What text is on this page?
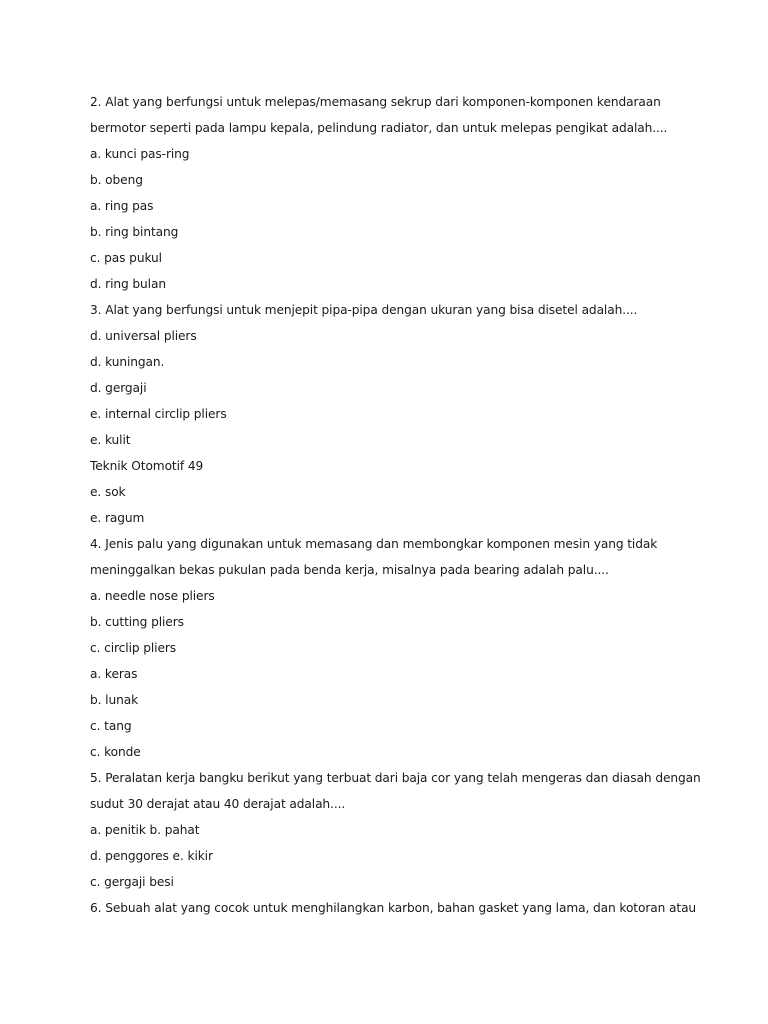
2. Alat yang berfungsi untuk melepas/memasang sekrup dari komponen-komponen kendaraan
bermotor seperti pada lampu kepala, pelindung radiator, dan untuk melepas pengikat adalah....
a. kunci pas-ring
b. obeng
a. ring pas
b. ring bintang
c. pas pukul
d. ring bulan
3. Alat yang berfungsi untuk menjepit pipa-pipa dengan ukuran yang bisa disetel adalah....
d. universal pliers
d. kuningan.
d. gergaji
e. internal circlip pliers
e. kulit
Teknik Otomotif 49
e. sok
e. ragum
4. Jenis palu yang digunakan untuk memasang dan membongkar komponen mesin yang tidak
meninggalkan bekas pukulan pada benda kerja, misalnya pada bearing adalah palu....
a. needle nose pliers
b. cutting pliers
c. circlip pliers
a. keras
b. lunak
c. tang
c. konde
5. Peralatan kerja bangku berikut yang terbuat dari baja cor yang telah mengeras dan diasah dengan
sudut 30 derajat atau 40 derajat adalah....
a. penitik b. pahat
d. penggores e. kikir
c. gergaji besi
6. Sebuah alat yang cocok untuk menghilangkan karbon, bahan gasket yang lama, dan kotoran atau
